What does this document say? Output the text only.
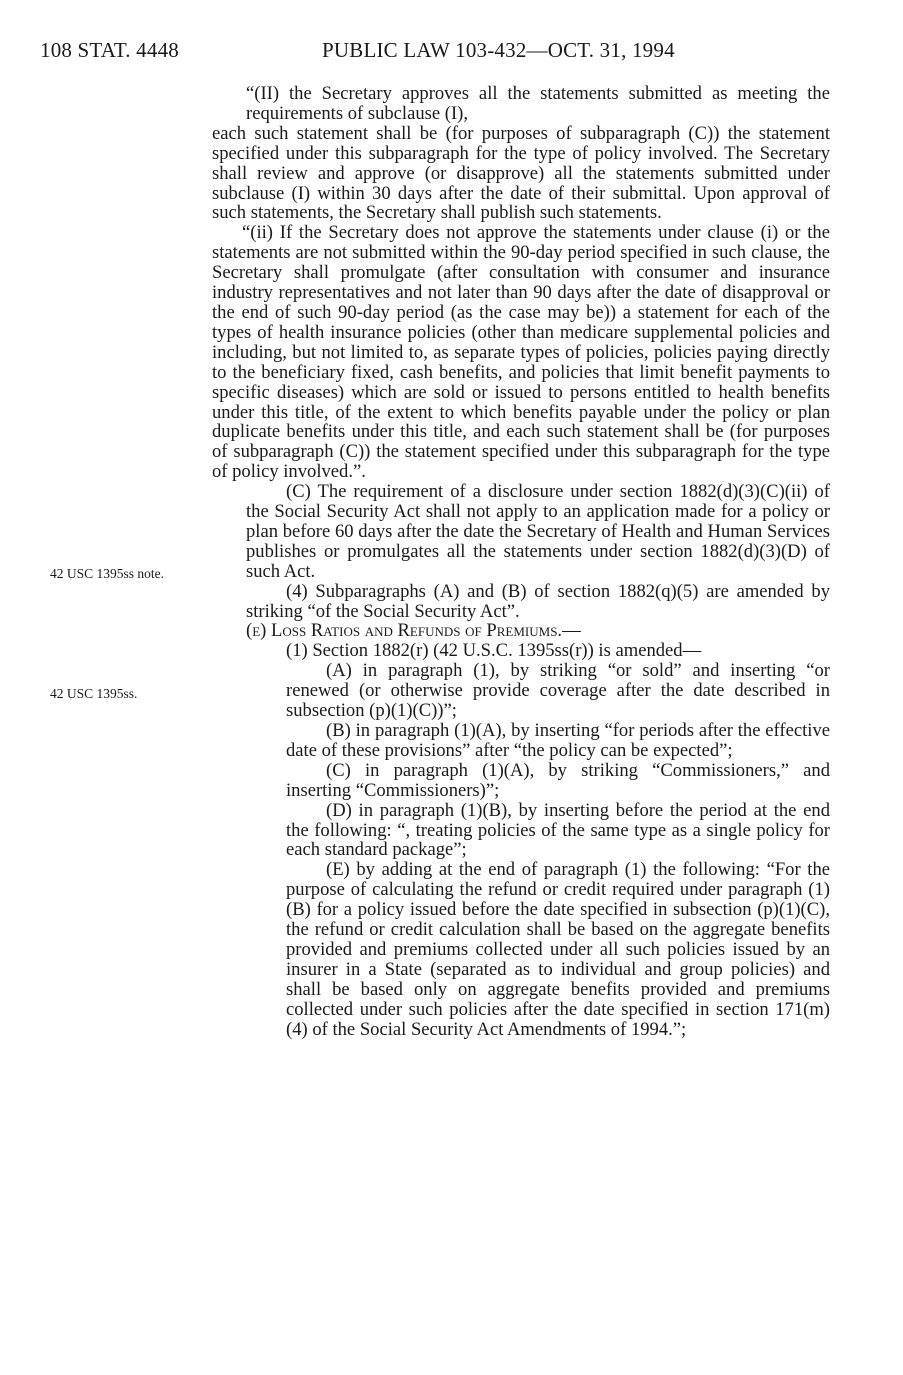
108 STAT. 4448	PUBLIC LAW 103-432—OCT. 31, 1994
42 USC 1395ss note.
42 USC 1395ss.

“(II) the Secretary approves all the statements submitted as meeting the requirements of subclause (I),

each such statement shall be (for purposes of subparagraph (C)) the statement specified under this subparagraph for the type of policy involved. The Secretary shall review and approve (or disapprove) all the statements submitted under subclause (I) within 30 days after the date of their submittal. Upon approval of such statements, the Secretary shall publish such statements.

“(ii) If the Secretary does not approve the statements under clause (i) or the statements are not submitted within the 90-day period specified in such clause, the Secretary shall promulgate (after consultation with consumer and insurance industry representatives and not later than 90 days after the date of disapproval or the end of such 90-day period (as the case may be)) a statement for each of the types of health insurance policies (other than medicare supplemental policies and including, but not limited to, as separate types of policies, policies paying directly to the beneficiary fixed, cash benefits, and policies that limit benefit payments to specific diseases) which are sold or issued to persons entitled to health benefits under this title, of the extent to which benefits payable under the policy or plan duplicate benefits under this title, and each such statement shall be (for purposes of subparagraph (C)) the statement specified under this subparagraph for the type of policy involved.”.

(C) The requirement of a disclosure under section 1882(d)(3)(C)(ii) of the Social Security Act shall not apply to an application made for a policy or plan before 60 days after the date the Secretary of Health and Human Services publishes or promulgates all the statements under section 1882(d)(3)(D) of such Act.

(4) Subparagraphs (A) and (B) of section 1882(q)(5) are amended by striking “of the Social Security Act”.

(e) Loss Ratios and Refunds of Premiums.—

(1) Section 1882(r) (42 U.S.C. 1395ss(r)) is amended—

(A) in paragraph (1), by striking “or sold” and inserting “or renewed (or otherwise provide coverage after the date described in subsection (p)(1)(C))”;

(B) in paragraph (1)(A), by inserting “for periods after the effective date of these provisions” after “the policy can be expected”;

(C) in paragraph (1)(A), by striking “Commissioners,” and inserting “Commissioners)”;

(D) in paragraph (1)(B), by inserting before the period at the end the following: “, treating policies of the same type as a single policy for each standard package”;

(E) by adding at the end of paragraph (1) the following: “For the purpose of calculating the refund or credit required under paragraph (1)(B) for a policy issued before the date specified in subsection (p)(1)(C), the refund or credit calculation shall be based on the aggregate benefits provided and premiums collected under all such policies issued by an insurer in a State (separated as to individual and group policies) and shall be based only on aggregate benefits provided and premiums collected under such policies after the date specified in section 171(m)(4) of the Social Security Act Amendments of 1994.”;
